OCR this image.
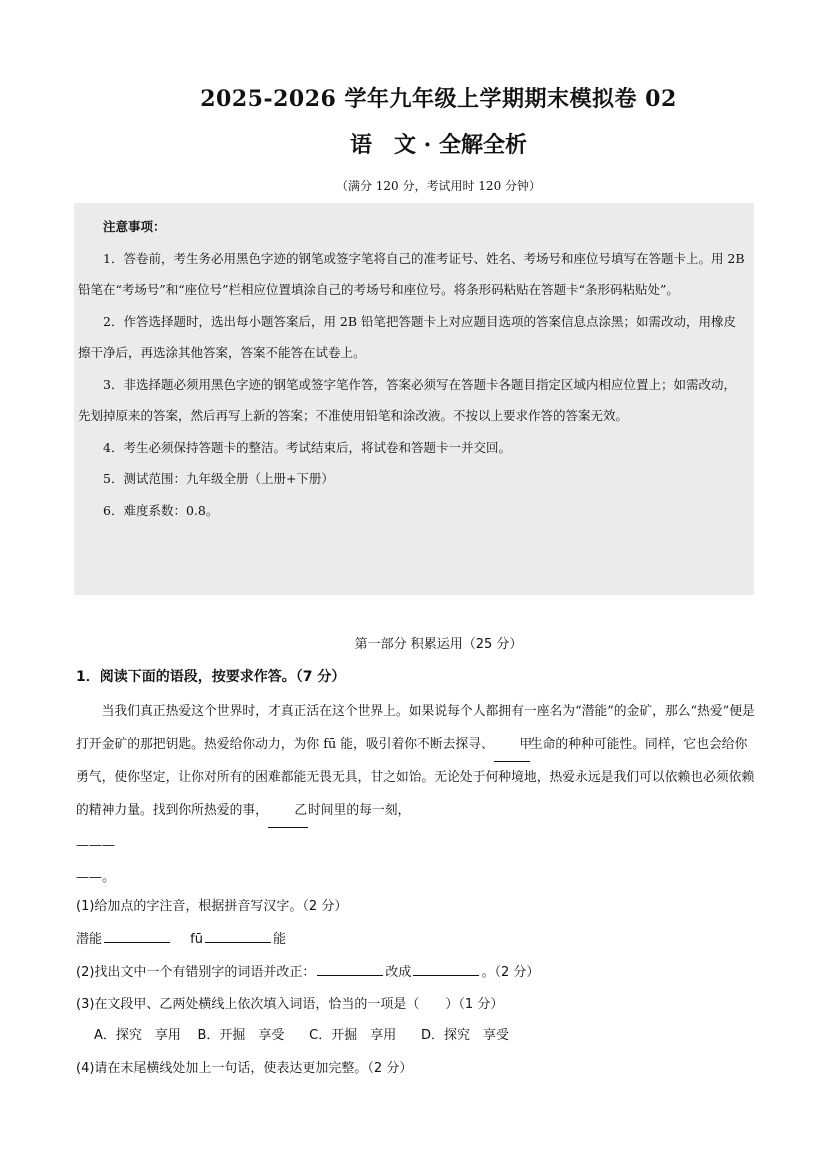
2025-2026 学年九年级上学期期末模拟卷 02
语　文 · 全解全析
（满分 120 分，考试用时 120 分钟）

注意事项：

1．答卷前，考生务必用黑色字迹的钢笔或签字笔将自己的准考证号、姓名、考场号和座位号填写在答题卡上。用 2B 铅笔在“考场号”和“座位号”栏相应位置填涂自己的考场号和座位号。将条形码粘贴在答题卡“条形码粘贴处”。

2．作答选择题时，选出每小题答案后，用 2B 铅笔把答题卡上对应题目选项的答案信息点涂黑；如需改动，用橡皮擦干净后，再选涂其他答案，答案不能答在试卷上。

3．非选择题必须用黑色字迹的钢笔或签字笔作答，答案必须写在答题卡各题目指定区域内相应位置上；如需改动，先划掉原来的答案，然后再写上新的答案；不准使用铅笔和涂改液。不按以上要求作答的答案无效。

4．考生必须保持答题卡的整洁。考试结束后，将试卷和答题卡一并交回。

5．测试范围：九年级全册（上册+下册）

6．难度系数：0.8。

第一部分 积累运用（25 分）
1．阅读下面的语段，按要求作答。（7 分）

当我们真正热爱这个世界时，才真正活在这个世界上。如果说每个人都拥有一座名为“潜能”的金矿，那么“热爱”便是打开金矿的那把钥匙。热爱给你动力，为你 fū 能，吸引着你不断去探寻、 甲生命的种种可能性。同样，它也会给你勇气，使你坚定，让你对所有的困难都能无畏无具，甘之如饴。无论处于何种境地，热爱永远是我们可以依赖也必须依赖的精神力量。找到你所热爱的事， 乙时间里的每一刻，

———
——。
(1)给加点的字注音，根据拼音写汉字。（2 分）
潜能	fū	能
(2)找出文中一个有错别字的词语并改正：	改成	。（2 分）
(3)在文段甲、乙两处横线上依次填入词语，恰当的一项是（　　）（1 分）
A．探究　享用 B．开掘　享受 C．开掘　享用 D．探究　享受
(4)请在末尾横线处加上一句话，使表达更加完整。（2 分）
